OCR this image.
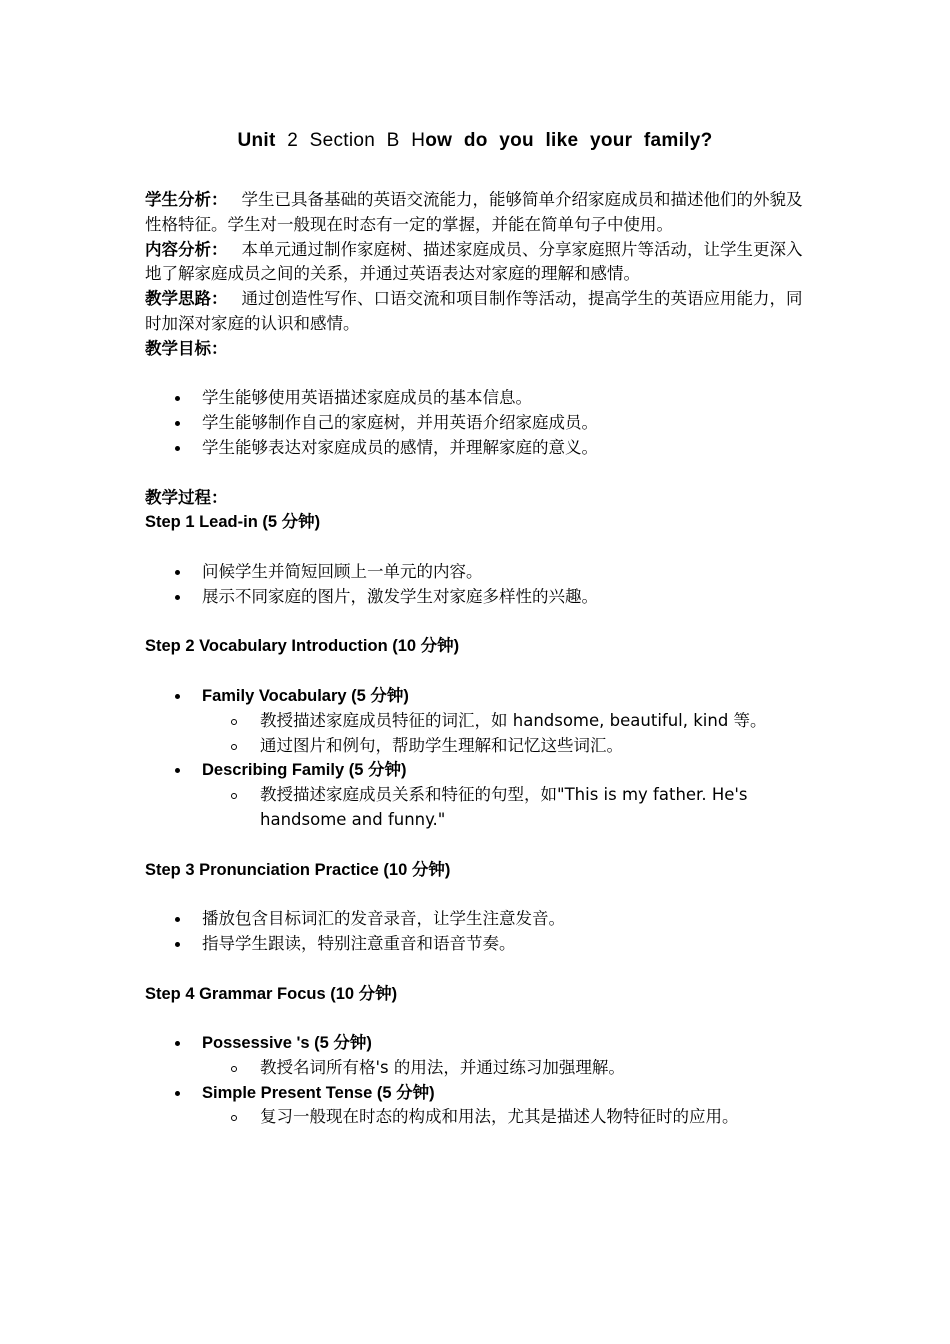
Unit 2 Section B How do you like your family?

学生分析： 学生已具备基础的英语交流能力，能够简单介绍家庭成员和描述他们的外貌及性格特征。学生对一般现在时态有一定的掌握，并能在简单句子中使用。

内容分析： 本单元通过制作家庭树、描述家庭成员、分享家庭照片等活动，让学生更深入地了解家庭成员之间的关系，并通过英语表达对家庭的理解和感情。

教学思路： 通过创造性写作、口语交流和项目制作等活动，提高学生的英语应用能力，同时加深对家庭的认识和感情。

教学目标：

学生能够使用英语描述家庭成员的基本信息。
学生能够制作自己的家庭树，并用英语介绍家庭成员。
学生能够表达对家庭成员的感情，并理解家庭的意义。

教学过程：

Step 1 Lead-in (5 分钟)

问候学生并简短回顾上一单元的内容。
展示不同家庭的图片，激发学生对家庭多样性的兴趣。

Step 2 Vocabulary Introduction (10 分钟)

Family Vocabulary (5 分钟)
教授描述家庭成员特征的词汇，如 handsome, beautiful, kind 等。
通过图片和例句，帮助学生理解和记忆这些词汇。
Describing Family (5 分钟)
教授描述家庭成员关系和特征的句型，如"This is my father. He's handsome and funny."

Step 3 Pronunciation Practice (10 分钟)

播放包含目标词汇的发音录音，让学生注意发音。
指导学生跟读，特别注意重音和语音节奏。

Step 4 Grammar Focus (10 分钟)

Possessive 's (5 分钟)
教授名词所有格's 的用法，并通过练习加强理解。
Simple Present Tense (5 分钟)
复习一般现在时态的构成和用法，尤其是描述人物特征时的应用。
